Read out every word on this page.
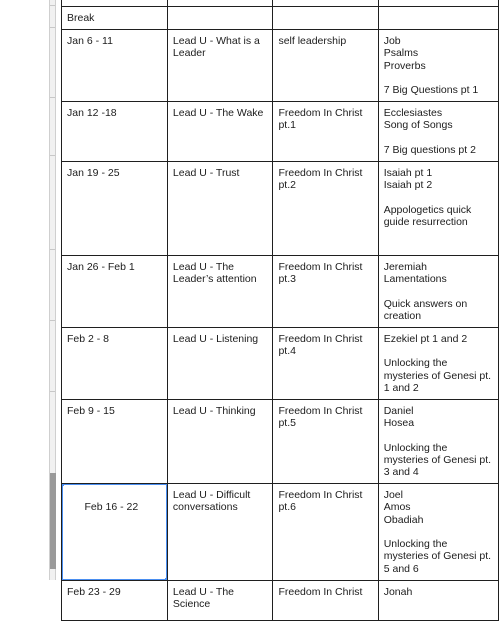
Break			
Jan 6 - 11	Lead U - What is a Leader	self leadership	Job
Psalms
Proverbs

7 Big Questions pt 1
Jan 12 -18	Lead U - The Wake	Freedom In Christ pt.1	Ecclesiastes
Song of Songs

7 Big questions pt 2
Jan 19 - 25	Lead U - Trust	Freedom In Christ pt.2	Isaiah pt 1
Isaiah pt 2

Appologetics quick guide resurrection
Jan 26 - Feb 1	Lead U - The Leader’s attention	Freedom In Christ pt.3	Jeremiah
Lamentations

Quick answers on creation
Feb 2 - 8	Lead U - Listening	Freedom In Christ pt.4	Ezekiel pt 1 and 2

Unlocking the mysteries of Genesi pt. 1 and 2
Feb 9 - 15	Lead U - Thinking	Freedom In Christ pt.5	Daniel
Hosea

Unlocking the mysteries of Genesi pt. 3 and 4

Feb 16 - 22	Lead U - Difficult conversations	Freedom In Christ pt.6	Joel
Amos
Obadiah

Unlocking the mysteries of Genesi pt. 5 and 6
Feb 23 - 29	Lead U - The Science	Freedom In Christ	Jonah
